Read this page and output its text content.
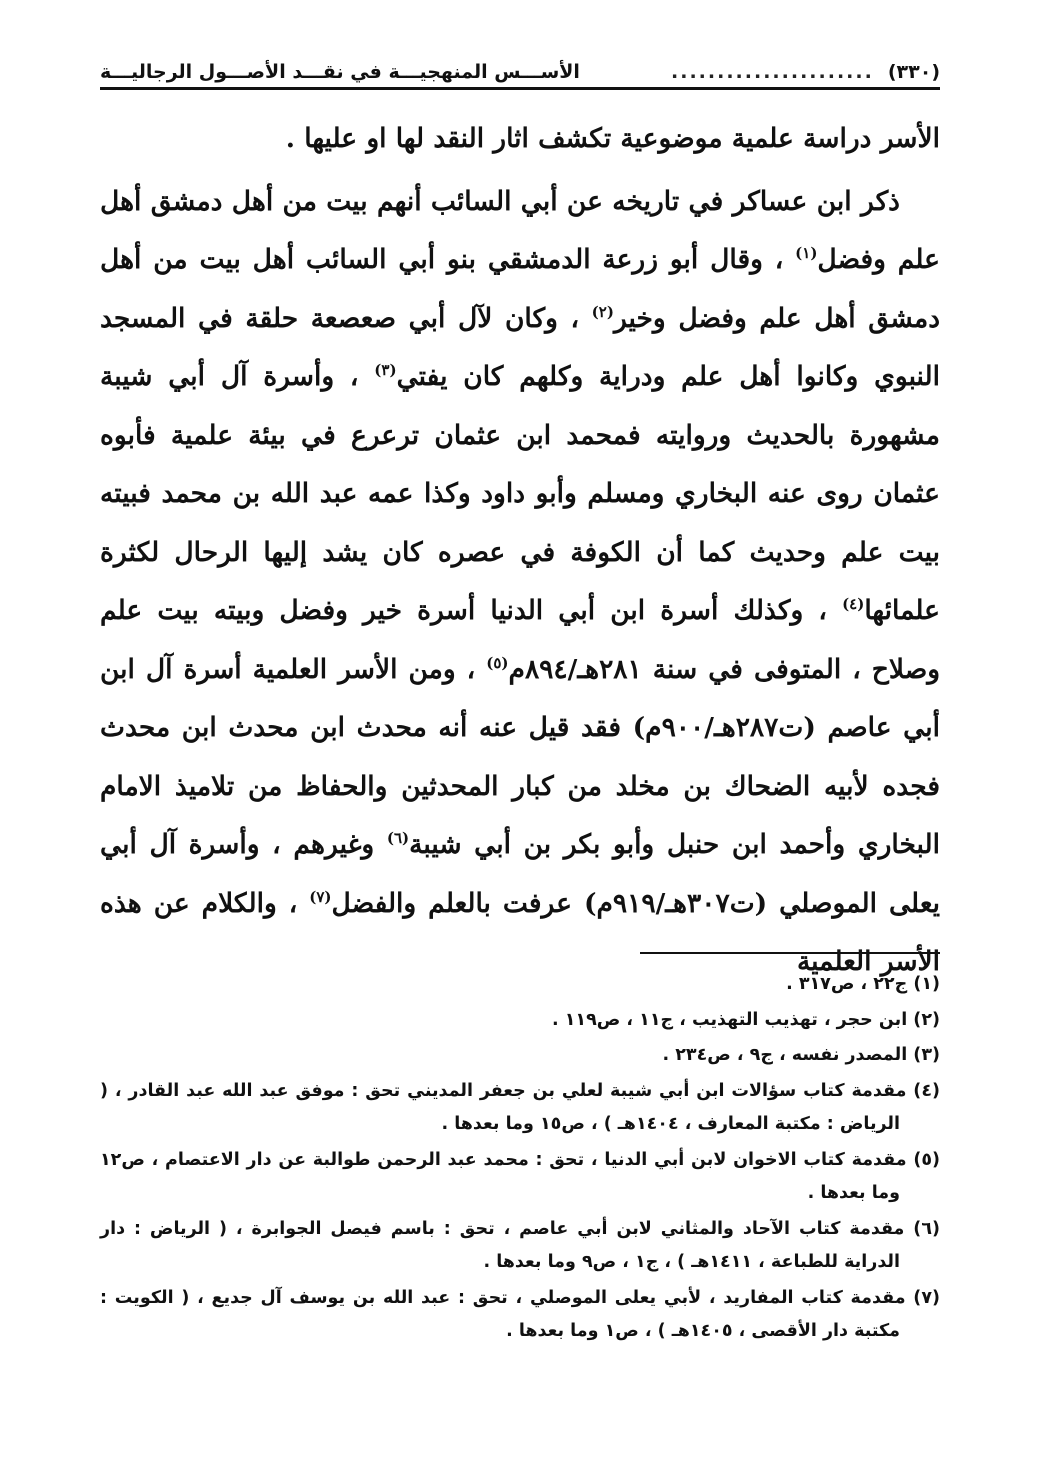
(٣٣٠)
......................
الأســـس المنهجيـــة في نقـــد الأصـــول الرجاليـــة

الأسر دراسة علمية موضوعية تكشف اثار النقد لها او عليها .

ذكر ابن عساكر في تاريخه عن أبي السائب أنهم بيت من أهل دمشق أهل علم وفضل$^{(١)}$ ، وقال أبو زرعة الدمشقي بنو أبي السائب أهل بيت من أهل دمشق أهل علم وفضل وخير$^{(٢)}$ ، وكان لآل أبي صعصعة حلقة في المسجد النبوي وكانوا أهل علم ودراية وكلهم كان يفتي$^{(٣)}$ ، وأسرة آل أبي شيبة مشهورة بالحديث وروايته فمحمد ابن عثمان ترعرع في بيئة علمية فأبوه عثمان روى عنه البخاري ومسلم وأبو داود وكذا عمه عبد الله بن محمد فبيته بيت علم وحديث كما أن الكوفة في عصره كان يشد إليها الرحال لكثرة علمائها$^{(٤)}$ ، وكذلك أسرة ابن أبي الدنيا أسرة خير وفضل وبيته بيت علم وصلاح ، المتوفى في سنة ٢٨١هـ/٨٩٤م$^{(٥)}$ ، ومن الأسر العلمية أسرة آل ابن أبي عاصم (ت٢٨٧هـ/٩٠٠م) فقد قيل عنه أنه محدث ابن محدث ابن محدث فجده لأبيه الضحاك بن مخلد من كبار المحدثين والحفاظ من تلاميذ الامام البخاري وأحمد ابن حنبل وأبو بكر بن أبي شيبة$^{(٦)}$ وغيرهم ، وأسرة آل أبي يعلى الموصلي (ت٣٠٧هـ/٩١٩م) عرفت بالعلم والفضل$^{(٧)}$ ، والكلام عن هذه الأسر العلمية

(١) ج٢٢ ، ص٣١٧ .

(٢) ابن حجر ، تهذيب التهذيب ، ج١١ ، ص١١٩ .

(٣) المصدر نفسه ، ج٩ ، ص٢٣٤ .

(٤) مقدمة كتاب سؤالات ابن أبي شيبة لعلي بن جعفر المديني تحق : موفق عبد الله عبد القادر ، ( الرياض : مكتبة المعارف ، ١٤٠٤هـ ) ، ص١٥ وما بعدها .

(٥) مقدمة كتاب الاخوان لابن أبي الدنيا ، تحق : محمد عبد الرحمن طوالبة عن دار الاعتصام ، ص١٢ وما بعدها .

(٦) مقدمة كتاب الآحاد والمثاني لابن أبي عاصم ، تحق : باسم فيصل الجوابرة ، ( الرياض : دار الدراية للطباعة ، ١٤١١هـ ) ، ج١ ، ص٩ وما بعدها .

(٧) مقدمة كتاب المفاريد ، لأبي يعلى الموصلي ، تحق : عبد الله بن يوسف آل جديع ، ( الكويت : مكتبة دار الأقصى ، ١٤٠٥هـ ) ، ص١ وما بعدها .
